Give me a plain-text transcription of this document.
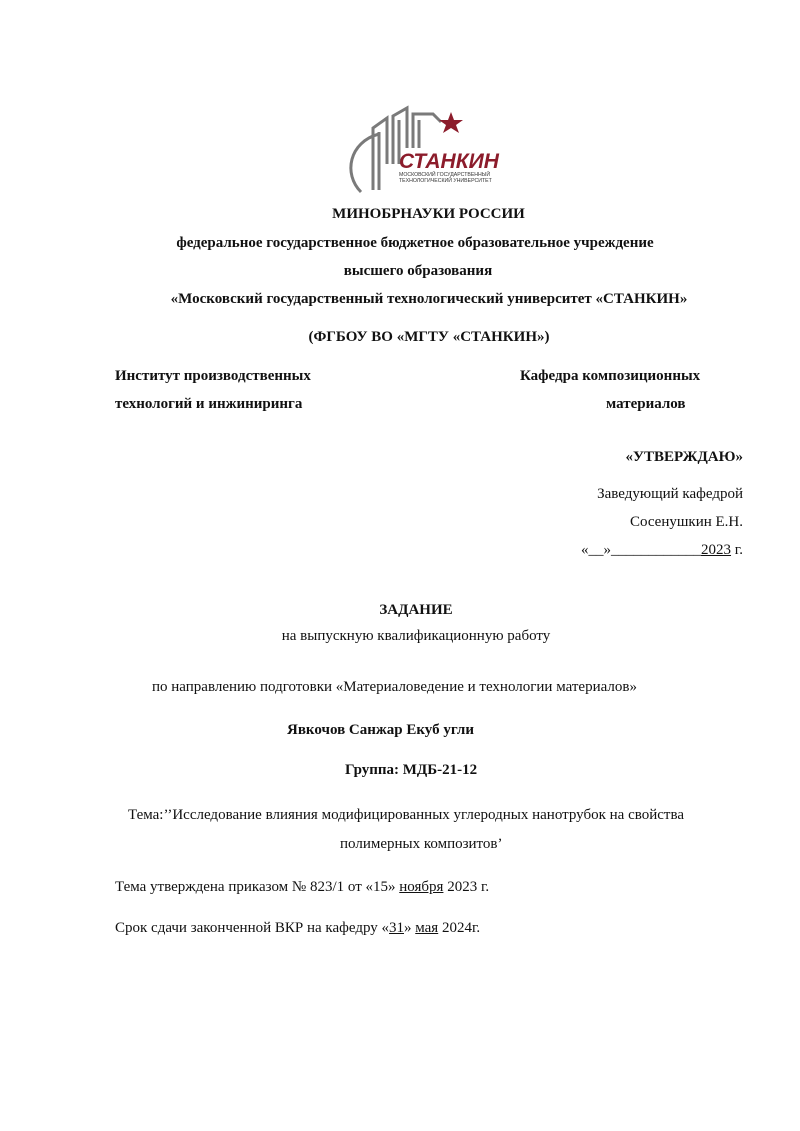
СТАНКИН
МОСКОВСКИЙ ГОСУДАРСТВЕННЫЙ
ТЕХНОЛОГИЧЕСКИЙ УНИВЕРСИТЕТ
МИНОБРНАУКИ РОССИИ
федеральное государственное бюджетное образовательное учреждение
высшего образования
«Московский государственный технологический университет «СТАНКИН»
(ФГБОУ ВО «МГТУ «СТАНКИН»)
Институт производственных
технологий и инжиниринга
Кафедра композиционных
материалов
«УТВЕРЖДАЮ»
Заведующий кафедрой
Сосенушкин Е.Н.
«__»____________2023 г.
ЗАДАНИЕ
на выпускную квалификационную работу
по направлению подготовки «Материаловедение и технологии материалов»
Явкочов Санжар Екуб угли
Группа: МДБ-21-12
Тема:’’Исследование влияния модифицированных углеродных нанотрубок на свойства
полимерных композитов’
Тема утверждена приказом № 823/1 от «15» ноября 2023 г.
Срок сдачи законченной ВКР на кафедру «31» мая 2024г.
